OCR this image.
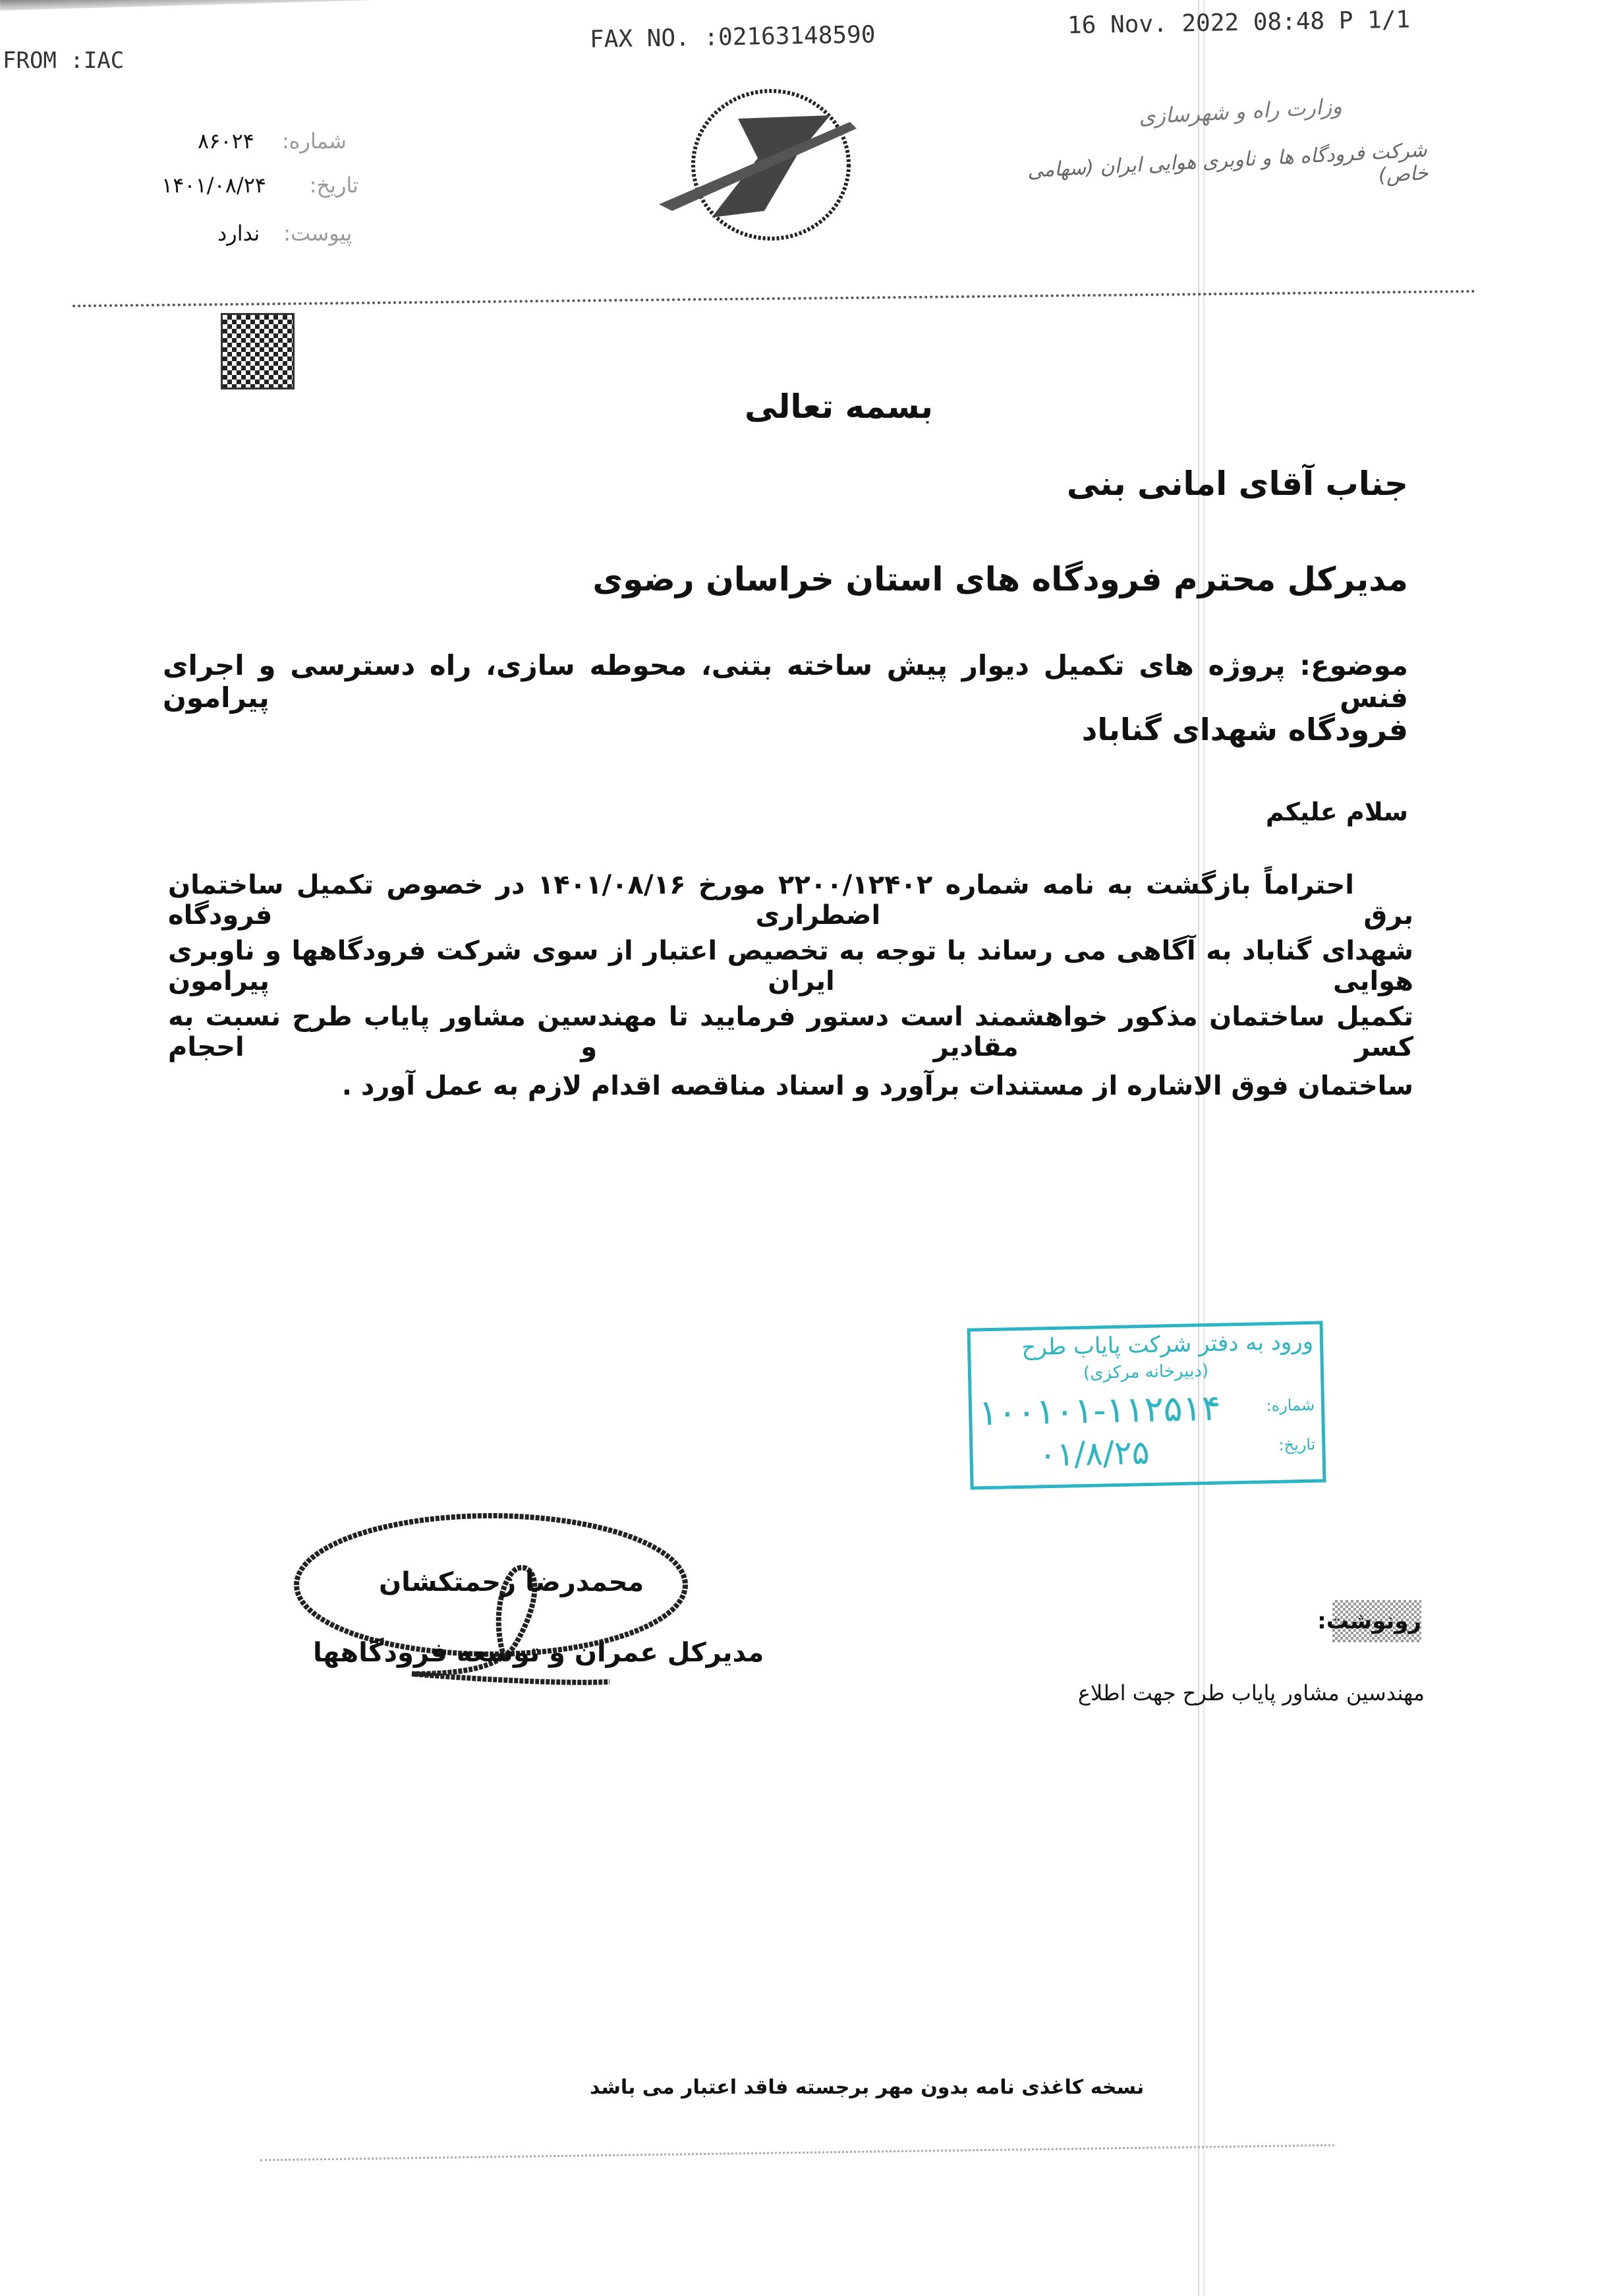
FROM :IAC
FAX NO. :02163148590	16 Nov. 2022 08:48 P 1/1
شماره:
۸۶۰۲۴
تاریخ:
۱۴۰۱/۰۸/۲۴
پیوست:
ندارد
وزارت راه و شهرسازی
شرکت فرودگاه ها و ناوبری هوایی ایران (سهامی خاص)
بسمه تعالی
جناب آقای امانی بنی
مدیرکل محترم فرودگاه های استان خراسان رضوی
موضوع: پروژه های تکمیل دیوار پیش ساخته بتنی، محوطه سازی، راه دسترسی و اجرای فنس پیرامون
فرودگاه شهدای گناباد
سلام علیکم
احتراماً بازگشت به نامه شماره ۲۲۰۰/۱۲۴۰۲ مورخ ۱۴۰۱/۰۸/۱۶ در خصوص تکمیل ساختمان برق اضطراری فرودگاه
شهدای گناباد به آگاهی می رساند با توجه به تخصیص اعتبار از سوی شرکت فرودگاهها و ناوبری هوایی ایران پیرامون
تکمیل ساختمان مذکور خواهشمند است دستور فرمایید تا مهندسین مشاور پایاب طرح نسبت به کسر مقادیر و احجام
ساختمان فوق الاشاره از مستندات برآورد و اسناد مناقصه اقدام لازم به عمل آورد .
ورود به دفتر شرکت پایاب طرح
(دبیرخانه مرکزی)
شماره:
۱۰۰۱۰۱-۱۱۲۵۱۴
تاریخ:
۰۱/۸/۲۵
محمدرضا زحمتکشان
مدیرکل عمران و توسعه فرودگاهها
رونوشت:
مهندسین مشاور پایاب طرح جهت اطلاع
نسخه کاغذی نامه بدون مهر برجسته فاقد اعتبار می باشد
